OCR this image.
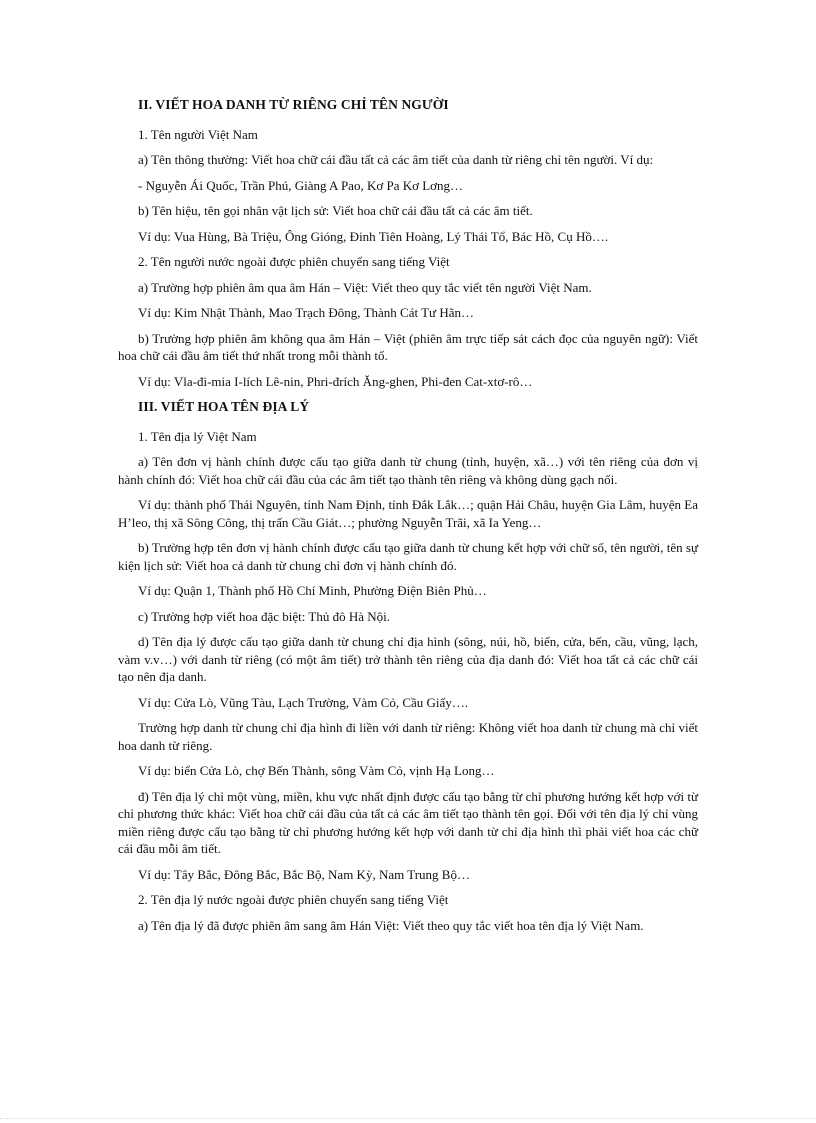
II. VIẾT HOA DANH TỪ RIÊNG CHỈ TÊN NGƯỜI

1. Tên người Việt Nam

a) Tên thông thường: Viết hoa chữ cái đầu tất cả các âm tiết của danh từ riêng chỉ tên người. Ví dụ:

- Nguyễn Ái Quốc, Trần Phú, Giàng A Pao, Kơ Pa Kơ Lơng…

b) Tên hiệu, tên gọi nhân vật lịch sử: Viết hoa chữ cái đầu tất cả các âm tiết.

Ví dụ: Vua Hùng, Bà Triệu, Ông Gióng, Đinh Tiên Hoàng, Lý Thái Tổ, Bác Hồ, Cụ Hồ….

2. Tên người nước ngoài được phiên chuyển sang tiếng Việt

a) Trường hợp phiên âm qua âm Hán – Việt: Viết theo quy tắc viết tên người Việt Nam.

Ví dụ: Kim Nhật Thành, Mao Trạch Đông, Thành Cát Tư Hãn…

b) Trường hợp phiên âm không qua âm Hán – Việt (phiên âm trực tiếp sát cách đọc của nguyên ngữ): Viết hoa chữ cái đầu âm tiết thứ nhất trong mỗi thành tố.

Ví dụ: Vla-đi-mia I-lích Lê-nin, Phri-đrích Ăng-ghen, Phi-đen Cat-xtơ-rô…

III. VIẾT HOA TÊN ĐỊA LÝ

1. Tên địa lý Việt Nam

a) Tên đơn vị hành chính được cấu tạo giữa danh từ chung (tỉnh, huyện, xã…) với tên riêng của đơn vị hành chính đó: Viết hoa chữ cái đầu của các âm tiết tạo thành tên riêng và không dùng gạch nối.

Ví dụ: thành phố Thái Nguyên, tỉnh Nam Định, tỉnh Đắk Lắk…; quận Hải Châu, huyện Gia Lâm, huyện Ea H’leo, thị xã Sông Công, thị trấn Cầu Giát…; phường Nguyễn Trãi, xã Ia Yeng…

b) Trường hợp tên đơn vị hành chính được cấu tạo giữa danh từ chung kết hợp với chữ số, tên người, tên sự kiện lịch sử: Viết hoa cả danh từ chung chỉ đơn vị hành chính đó.

Ví dụ: Quận 1, Thành phố Hồ Chí Minh, Phường Điện Biên Phủ…

c) Trường hợp viết hoa đặc biệt: Thủ đô Hà Nội.

d) Tên địa lý được cấu tạo giữa danh từ chung chỉ địa hình (sông, núi, hồ, biển, cửa, bến, cầu, vũng, lạch, vàm v.v…) với danh từ riêng (có một âm tiết) trở thành tên riêng của địa danh đó: Viết hoa tất cả các chữ cái tạo nên địa danh.

Ví dụ: Cửa Lò, Vũng Tàu, Lạch Trường, Vàm Cỏ, Cầu Giấy….

Trường hợp danh từ chung chỉ địa hình đi liền với danh từ riêng: Không viết hoa danh từ chung mà chỉ viết hoa danh từ riêng.

Ví dụ: biển Cửa Lò, chợ Bến Thành, sông Vàm Cỏ, vịnh Hạ Long…

đ) Tên địa lý chỉ một vùng, miền, khu vực nhất định được cấu tạo bằng từ chỉ phương hướng kết hợp với từ chỉ phương thức khác: Viết hoa chữ cái đầu của tất cả các âm tiết tạo thành tên gọi. Đối với tên địa lý chỉ vùng miền riêng được cấu tạo bằng từ chỉ phương hướng kết hợp với danh từ chỉ địa hình thì phải viết hoa các chữ cái đầu mỗi âm tiết.

Ví dụ: Tây Bắc, Đông Bắc, Bắc Bộ, Nam Kỳ, Nam Trung Bộ…

2. Tên địa lý nước ngoài được phiên chuyển sang tiếng Việt

a) Tên địa lý đã được phiên âm sang âm Hán Việt: Viết theo quy tắc viết hoa tên địa lý Việt Nam.
